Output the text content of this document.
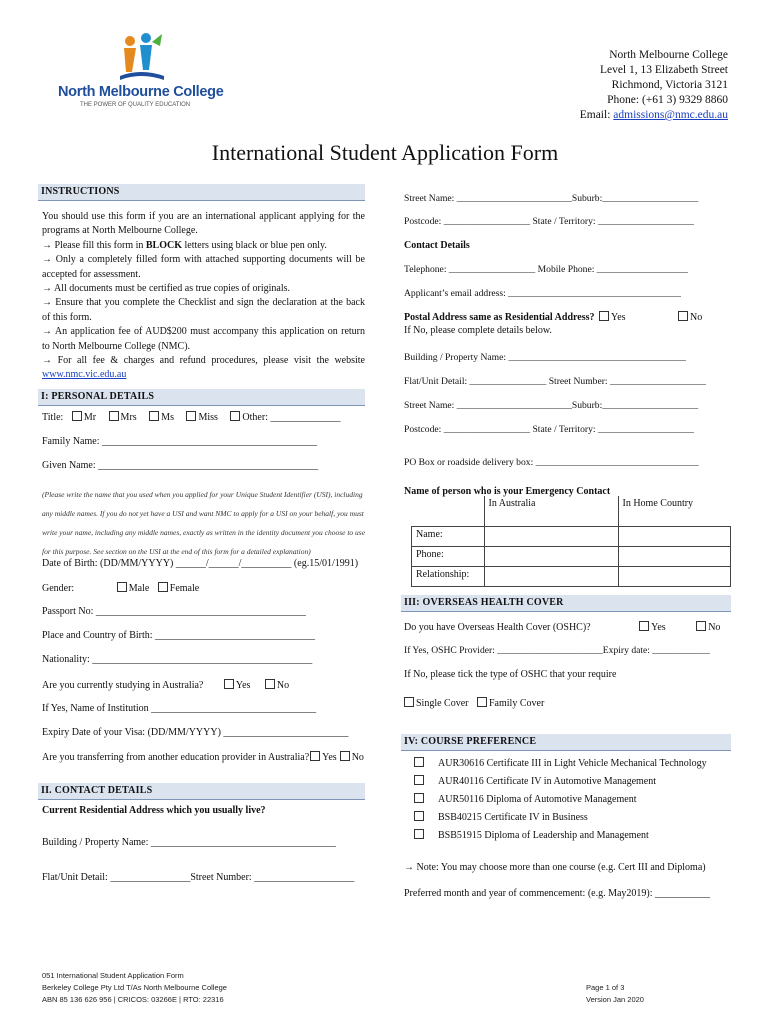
North Melbourne College
THE POWER OF QUALITY EDUCATION
North Melbourne College
Level 1, 13 Elizabeth Street
Richmond, Victoria 3121
Phone: (+61 3) 9329 8860
Email: admissions@nmc.edu.au
International Student Application Form
INSTRUCTIONS
You should use this form if you are an international applicant applying for the programs at North Melbourne College.
→ Please fill this form in BLOCK letters using black or blue pen only.
→ Only a completely filled form with attached supporting documents will be accepted for assessment.
→ All documents must be certified as true copies of originals.
→ Ensure that you complete the Checklist and sign the declaration at the back of this form.
→ An application fee of AUD$200 must accompany this application on return to North Melbourne College (NMC).
→ For all fee & charges and refund procedures, please visit the website
www.nmc.vic.edu.au
I: PERSONAL DETAILS
Title: Mr Mrs Ms Miss Other: ______________
Family Name: ___________________________________________
Given Name: ____________________________________________
(Please write the name that you used when you applied for your Unique Student Identifier (USI), including
any middle names. If you do not yet have a USI and want NMC to apply for a USI on your behalf, you must
write your name, including any middle names, exactly as written in the identity document you choose to use
for this purpose. See section on the USI at the end of this form for a detailed explanation)
Date of Birth: (DD/MM/YYYY) ______/______/__________ (eg.15/01/1991)
Gender:	Male Female
Passport No: __________________________________________
Place and Country of Birth: ________________________________
Nationality: ____________________________________________
Are you currently studying in Australia?	Yes	No
If Yes, Name of Institution _________________________________
Expiry Date of your Visa: (DD/MM/YYYY) _________________________
Are you transferring from another education provider in Australia? Yes No
II. CONTACT DETAILS
Current Residential Address which you usually live?
Building / Property Name: _____________________________________
Flat/Unit Detail: ________________Street Number: ____________________
Street Name: ________________________Suburb:____________________
Postcode: __________________ State / Territory: ____________________
Contact Details
Telephone: __________________ Mobile Phone: ___________________
Applicant’s email address: ____________________________________
Postal Address same as Residential Address? Yes	No
If No, please complete details below.
Building / Property Name: _____________________________________
Flat/Unit Detail: ________________ Street Number: ____________________
Street Name: ________________________Suburb:____________________
Postcode: __________________ State / Territory: ____________________
PO Box or roadside delivery box: __________________________________
Name of person who is your Emergency Contact
	In Australia	In Home Country
Name:		
Phone:		
Relationship:		
III: OVERSEAS HEALTH COVER
Do you have Overseas Health Cover (OSHC)?	Yes	No
If Yes, OSHC Provider: ______________________Expiry date: ____________
If No, please tick the type of OSHC that your require
Single Cover Family Cover
IV: COURSE PREFERENCE
AUR30616 Certificate III in Light Vehicle Mechanical Technology
AUR40116 Certificate IV in Automotive Management
AUR50116 Diploma of Automotive Management
BSB40215 Certificate IV in Business
BSB51915 Diploma of Leadership and Management
→ Note: You may choose more than one course (e.g. Cert III and Diploma)
Preferred month and year of commencement: (e.g. May2019): ___________
051 International Student Application Form
Berkeley College Pty Ltd T/As North Melbourne College
ABN 85 136 626 956 | CRICOS: 03266E | RTO: 22316
Page 1 of 3
Version Jan 2020
